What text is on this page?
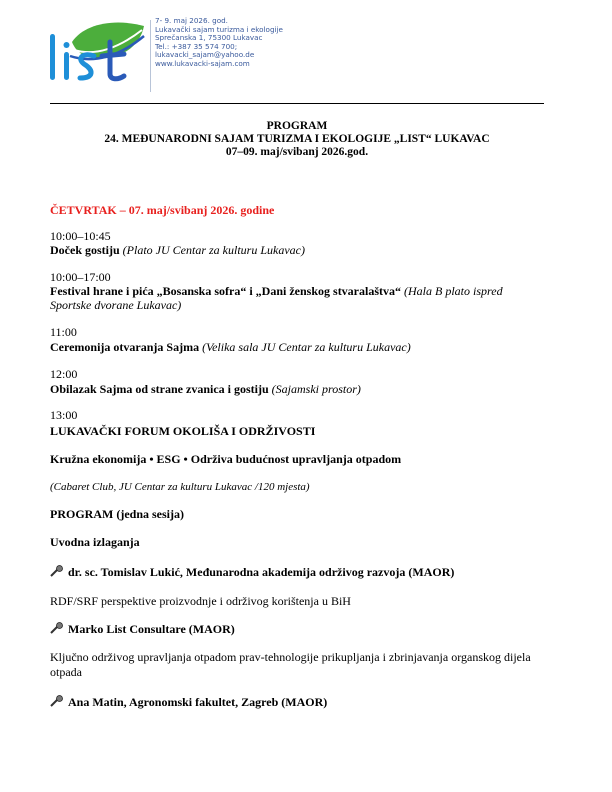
7- 9. maj 2026. god.
Lukavački sajam turizma i ekologije
Sprečanska 1, 75300 Lukavac
Tel.: +387 35 574 700;
lukavacki_sajam@yahoo.de
www.lukavacki-sajam.com
PROGRAM
24. MEĐUNARODNI SAJAM TURIZMA I EKOLOGIJE „LIST“ LUKAVAC
07–09. maj/svibanj 2026.god.
ČETVRTAK – 07. maj/svibanj 2026. godine
10:00–10:45
Doček gostiju (Plato JU Centar za kulturu Lukavac)
10:00–17:00
Festival hrane i pića „Bosanska sofra“ i „Dani ženskog stvaralaštva“ (Hala B plato ispred
Sportske dvorane Lukavac)
11:00
Ceremonija otvaranja Sajma (Velika sala JU Centar za kulturu Lukavac)
12:00
Obilazak Sajma od strane zvanica i gostiju (Sajamski prostor)
13:00
LUKAVAČKI FORUM OKOLIŠA I ODRŽIVOSTI
Kružna ekonomija • ESG • Održiva budućnost upravljanja otpadom
(Cabaret Club, JU Centar za kulturu Lukavac /120 mjesta)
PROGRAM (jedna sesija)
Uvodna izlaganja
dr. sc. Tomislav Lukić, Međunarodna akademija održivog razvoja (MAOR)
RDF/SRF perspektive proizvodnje i održivog korištenja u BiH
Marko List Consultare (MAOR)
Ključno održivog upravljanja otpadom prav-tehnologije prikupljanja i zbrinjavanja organskog dijela
otpada
Ana Matin, Agronomski fakultet, Zagreb (MAOR)
